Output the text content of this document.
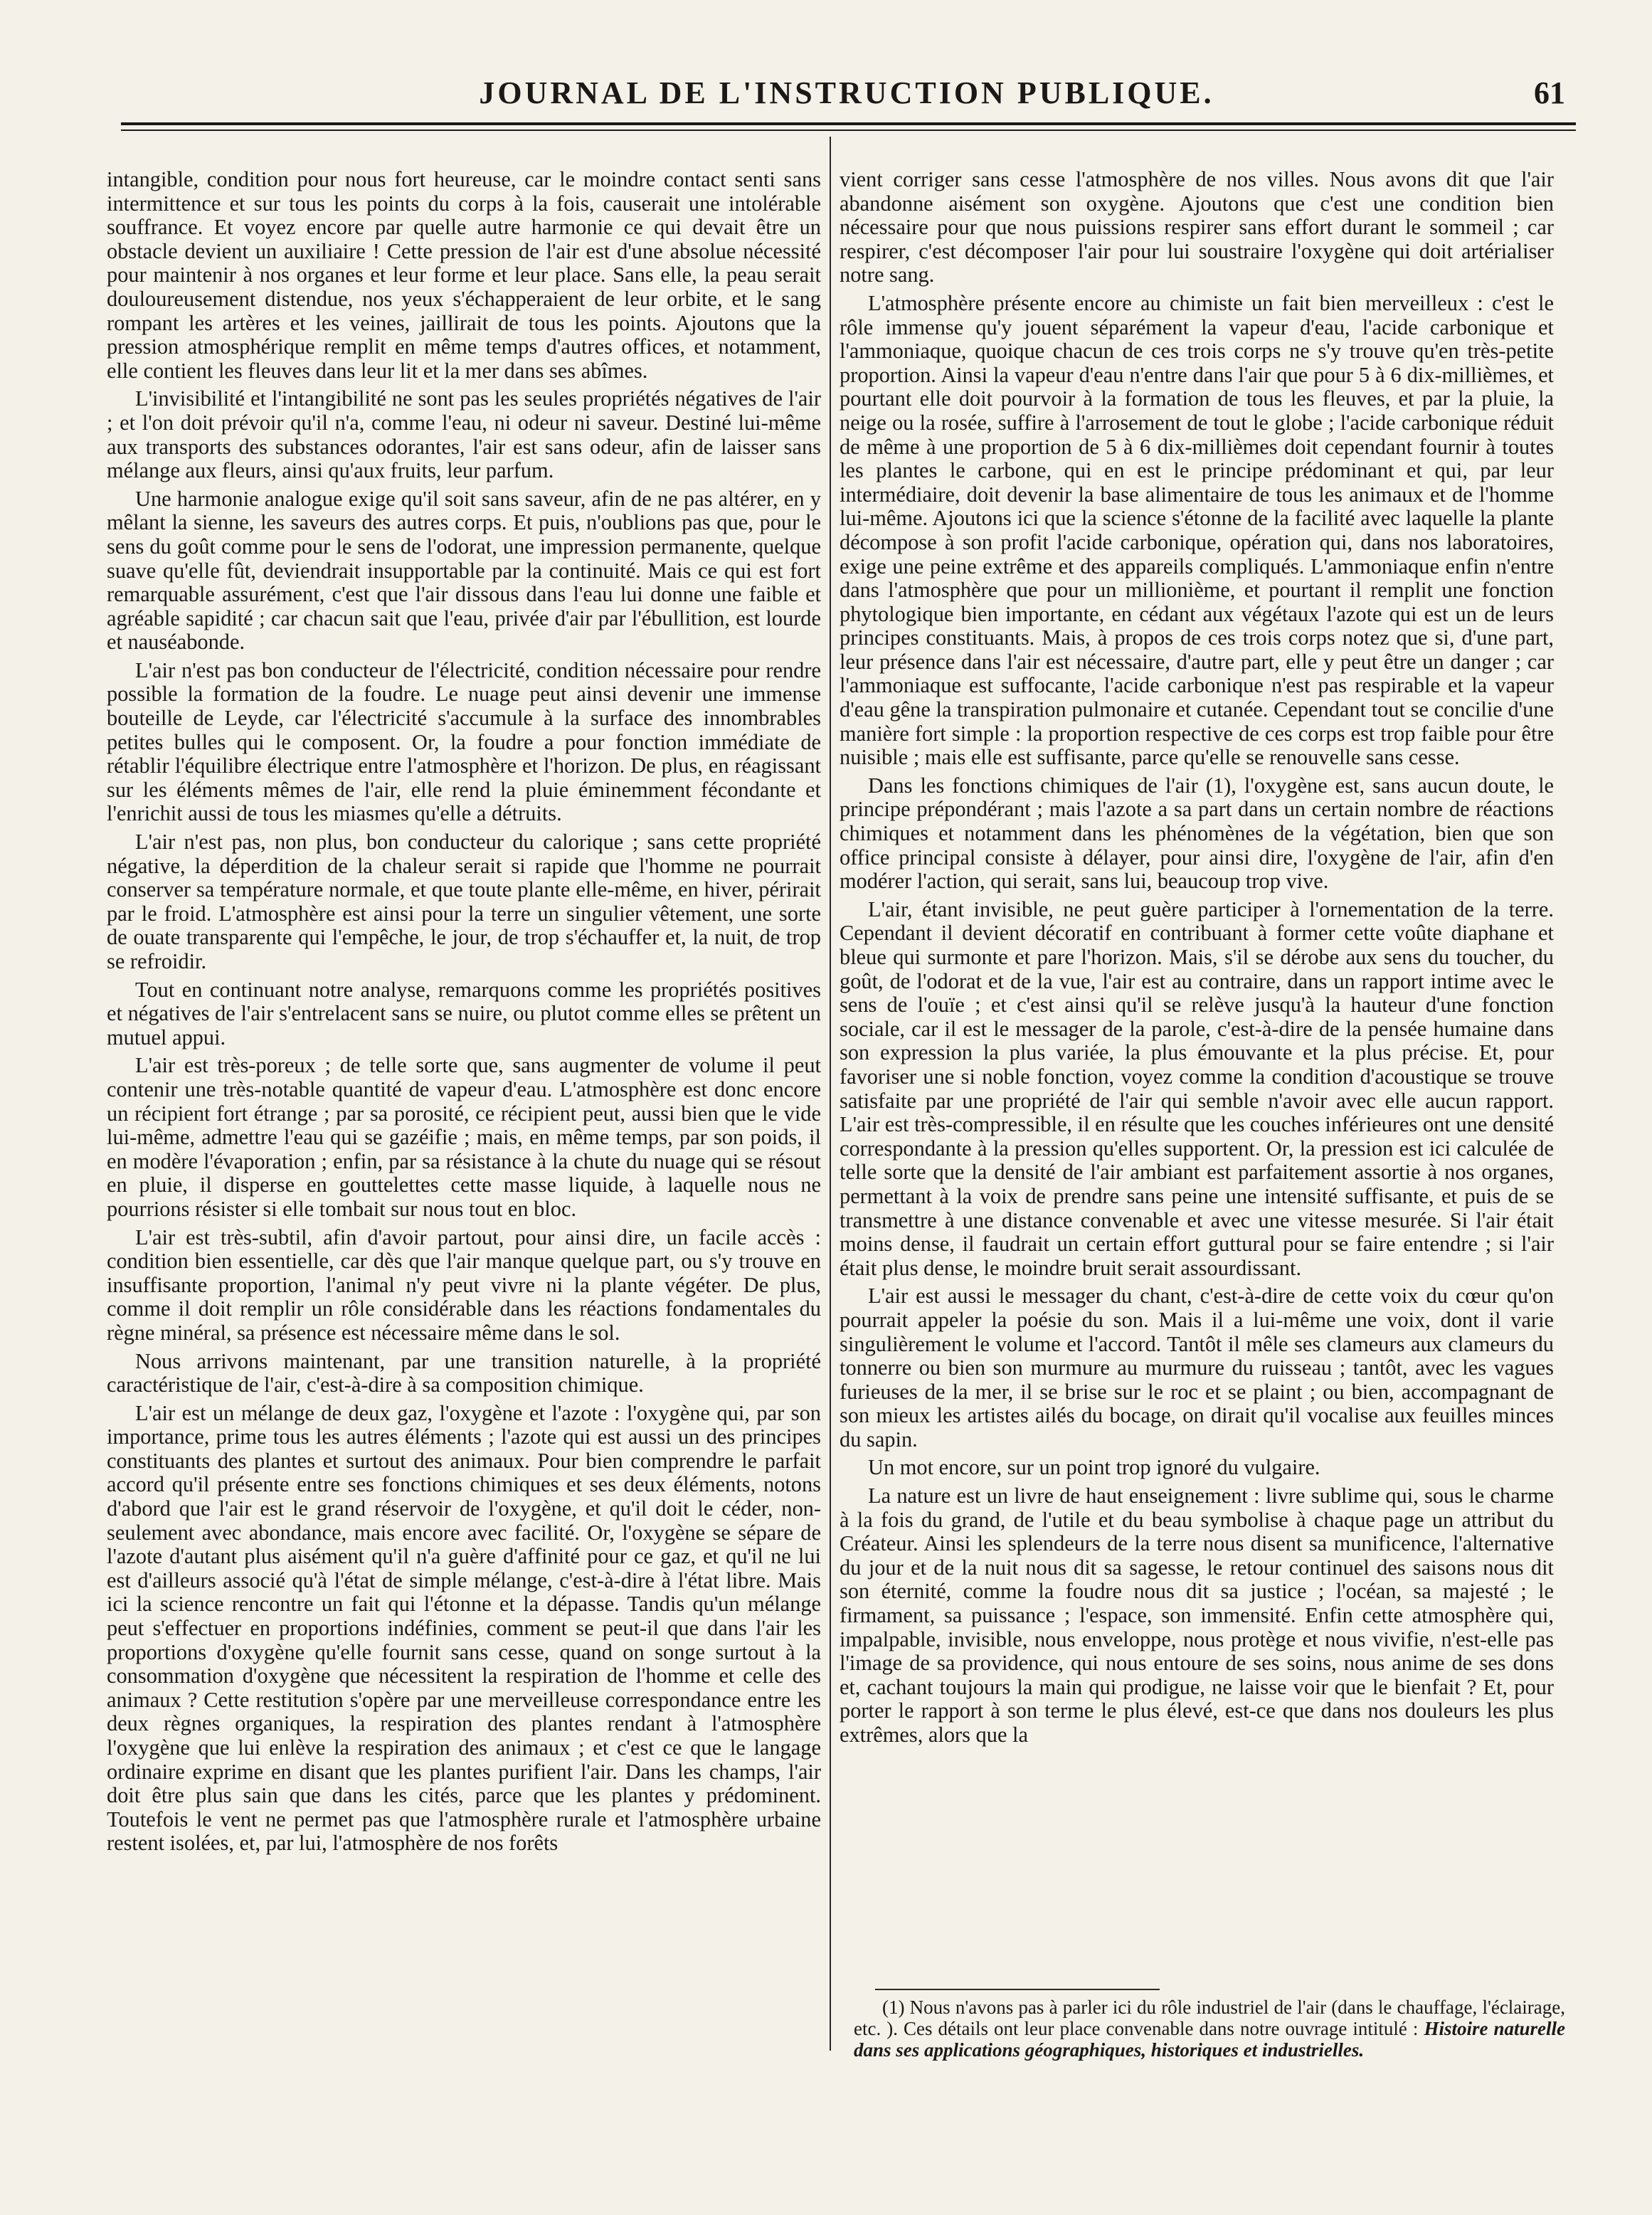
JOURNAL DE L'INSTRUCTION PUBLIQUE.	61

intangible, condition pour nous fort heureuse, car le moindre contact senti sans intermittence et sur tous les points du corps à la fois, causerait une intolérable souffrance. Et voyez encore par quelle autre harmonie ce qui devait être un obstacle devient un auxiliaire ! Cette pression de l'air est d'une absolue nécessité pour maintenir à nos organes et leur forme et leur place. Sans elle, la peau serait douloureusement distendue, nos yeux s'échapperaient de leur orbite, et le sang rompant les artères et les veines, jaillirait de tous les points. Ajoutons que la pression atmosphérique remplit en même temps d'autres offices, et notamment, elle contient les fleuves dans leur lit et la mer dans ses abîmes.

L'invisibilité et l'intangibilité ne sont pas les seules propriétés négatives de l'air ; et l'on doit prévoir qu'il n'a, comme l'eau, ni odeur ni saveur. Destiné lui-même aux transports des substances odorantes, l'air est sans odeur, afin de laisser sans mélange aux fleurs, ainsi qu'aux fruits, leur parfum.

Une harmonie analogue exige qu'il soit sans saveur, afin de ne pas altérer, en y mêlant la sienne, les saveurs des autres corps. Et puis, n'oublions pas que, pour le sens du goût comme pour le sens de l'odorat, une impression permanente, quelque suave qu'elle fût, deviendrait insupportable par la continuité. Mais ce qui est fort remarquable assurément, c'est que l'air dissous dans l'eau lui donne une faible et agréable sapidité ; car chacun sait que l'eau, privée d'air par l'ébullition, est lourde et nauséabonde.

L'air n'est pas bon conducteur de l'électricité, condition nécessaire pour rendre possible la formation de la foudre. Le nuage peut ainsi devenir une immense bouteille de Leyde, car l'électricité s'accumule à la surface des innombrables petites bulles qui le composent. Or, la foudre a pour fonction immédiate de rétablir l'équilibre électrique entre l'atmosphère et l'horizon. De plus, en réagissant sur les éléments mêmes de l'air, elle rend la pluie éminemment fécondante et l'enrichit aussi de tous les miasmes qu'elle a détruits.

L'air n'est pas, non plus, bon conducteur du calorique ; sans cette propriété négative, la déperdition de la chaleur serait si rapide que l'homme ne pourrait conserver sa température normale, et que toute plante elle-même, en hiver, périrait par le froid. L'atmosphère est ainsi pour la terre un singulier vêtement, une sorte de ouate transparente qui l'empêche, le jour, de trop s'échauffer et, la nuit, de trop se refroidir.

Tout en continuant notre analyse, remarquons comme les propriétés positives et négatives de l'air s'entrelacent sans se nuire, ou plutot comme elles se prêtent un mutuel appui.

L'air est très-poreux ; de telle sorte que, sans augmenter de volume il peut contenir une très-notable quantité de vapeur d'eau. L'atmosphère est donc encore un récipient fort étrange ; par sa porosité, ce récipient peut, aussi bien que le vide lui-même, admettre l'eau qui se gazéifie ; mais, en même temps, par son poids, il en modère l'évaporation ; enfin, par sa résistance à la chute du nuage qui se résout en pluie, il disperse en gouttelettes cette masse liquide, à laquelle nous ne pourrions résister si elle tombait sur nous tout en bloc.

L'air est très-subtil, afin d'avoir partout, pour ainsi dire, un facile accès : condition bien essentielle, car dès que l'air manque quelque part, ou s'y trouve en insuffisante proportion, l'animal n'y peut vivre ni la plante végéter. De plus, comme il doit remplir un rôle considérable dans les réactions fondamentales du règne minéral, sa présence est nécessaire même dans le sol.

Nous arrivons maintenant, par une transition naturelle, à la propriété caractéristique de l'air, c'est-à-dire à sa composition chimique.

L'air est un mélange de deux gaz, l'oxygène et l'azote : l'oxygène qui, par son importance, prime tous les autres éléments ; l'azote qui est aussi un des principes constituants des plantes et surtout des animaux. Pour bien comprendre le parfait accord qu'il présente entre ses fonctions chimiques et ses deux éléments, notons d'abord que l'air est le grand réservoir de l'oxygène, et qu'il doit le céder, non-seulement avec abondance, mais encore avec facilité. Or, l'oxygène se sépare de l'azote d'autant plus aisément qu'il n'a guère d'affinité pour ce gaz, et qu'il ne lui est d'ailleurs associé qu'à l'état de simple mélange, c'est-à-dire à l'état libre. Mais ici la science rencontre un fait qui l'étonne et la dépasse. Tandis qu'un mélange peut s'effectuer en proportions indéfinies, comment se peut-il que dans l'air les proportions d'oxygène qu'elle fournit sans cesse, quand on songe surtout à la consommation d'oxygène que nécessitent la respiration de l'homme et celle des animaux ? Cette restitution s'opère par une merveilleuse correspondance entre les deux règnes organiques, la respiration des plantes rendant à l'atmosphère l'oxygène que lui enlève la respiration des animaux ; et c'est ce que le langage ordinaire exprime en disant que les plantes purifient l'air. Dans les champs, l'air doit être plus sain que dans les cités, parce que les plantes y prédominent. Toutefois le vent ne permet pas que l'atmosphère rurale et l'atmosphère urbaine restent isolées, et, par lui, l'atmosphère de nos forêts

vient corriger sans cesse l'atmosphère de nos villes. Nous avons dit que l'air abandonne aisément son oxygène. Ajoutons que c'est une condition bien nécessaire pour que nous puissions respirer sans effort durant le sommeil ; car respirer, c'est décomposer l'air pour lui soustraire l'oxygène qui doit artérialiser notre sang.

L'atmosphère présente encore au chimiste un fait bien merveilleux : c'est le rôle immense qu'y jouent séparément la vapeur d'eau, l'acide carbonique et l'ammoniaque, quoique chacun de ces trois corps ne s'y trouve qu'en très-petite proportion. Ainsi la vapeur d'eau n'entre dans l'air que pour 5 à 6 dix-millièmes, et pourtant elle doit pourvoir à la formation de tous les fleuves, et par la pluie, la neige ou la rosée, suffire à l'arrosement de tout le globe ; l'acide carbonique réduit de même à une proportion de 5 à 6 dix-millièmes doit cependant fournir à toutes les plantes le carbone, qui en est le principe prédominant et qui, par leur intermédiaire, doit devenir la base alimentaire de tous les animaux et de l'homme lui-même. Ajoutons ici que la science s'étonne de la facilité avec laquelle la plante décompose à son profit l'acide carbonique, opération qui, dans nos laboratoires, exige une peine extrême et des appareils compliqués. L'ammoniaque enfin n'entre dans l'atmosphère que pour un millionième, et pourtant il remplit une fonction phytologique bien importante, en cédant aux végétaux l'azote qui est un de leurs principes constituants. Mais, à propos de ces trois corps notez que si, d'une part, leur présence dans l'air est nécessaire, d'autre part, elle y peut être un danger ; car l'ammoniaque est suffocante, l'acide carbonique n'est pas respirable et la vapeur d'eau gêne la transpiration pulmonaire et cutanée. Cependant tout se concilie d'une manière fort simple : la proportion respective de ces corps est trop faible pour être nuisible ; mais elle est suffisante, parce qu'elle se renouvelle sans cesse.

Dans les fonctions chimiques de l'air (1), l'oxygène est, sans aucun doute, le principe prépondérant ; mais l'azote a sa part dans un certain nombre de réactions chimiques et notamment dans les phénomènes de la végétation, bien que son office principal consiste à délayer, pour ainsi dire, l'oxygène de l'air, afin d'en modérer l'action, qui serait, sans lui, beaucoup trop vive.

L'air, étant invisible, ne peut guère participer à l'ornementation de la terre. Cependant il devient décoratif en contribuant à former cette voûte diaphane et bleue qui surmonte et pare l'horizon. Mais, s'il se dérobe aux sens du toucher, du goût, de l'odorat et de la vue, l'air est au contraire, dans un rapport intime avec le sens de l'ouïe ; et c'est ainsi qu'il se relève jusqu'à la hauteur d'une fonction sociale, car il est le messager de la parole, c'est-à-dire de la pensée humaine dans son expression la plus variée, la plus émouvante et la plus précise. Et, pour favoriser une si noble fonction, voyez comme la condition d'acoustique se trouve satisfaite par une propriété de l'air qui semble n'avoir avec elle aucun rapport. L'air est très-compressible, il en résulte que les couches inférieures ont une densité correspondante à la pression qu'elles supportent. Or, la pression est ici calculée de telle sorte que la densité de l'air ambiant est parfaitement assortie à nos organes, permettant à la voix de prendre sans peine une intensité suffisante, et puis de se transmettre à une distance convenable et avec une vitesse mesurée. Si l'air était moins dense, il faudrait un certain effort guttural pour se faire entendre ; si l'air était plus dense, le moindre bruit serait assourdissant.

L'air est aussi le messager du chant, c'est-à-dire de cette voix du cœur qu'on pourrait appeler la poésie du son. Mais il a lui-même une voix, dont il varie singulièrement le volume et l'accord. Tantôt il mêle ses clameurs aux clameurs du tonnerre ou bien son murmure au murmure du ruisseau ; tantôt, avec les vagues furieuses de la mer, il se brise sur le roc et se plaint ; ou bien, accompagnant de son mieux les artistes ailés du bocage, on dirait qu'il vocalise aux feuilles minces du sapin.

Un mot encore, sur un point trop ignoré du vulgaire.

La nature est un livre de haut enseignement : livre sublime qui, sous le charme à la fois du grand, de l'utile et du beau symbolise à chaque page un attribut du Créateur. Ainsi les splendeurs de la terre nous disent sa munificence, l'alternative du jour et de la nuit nous dit sa sagesse, le retour continuel des saisons nous dit son éternité, comme la foudre nous dit sa justice ; l'océan, sa majesté ; le firmament, sa puissance ; l'espace, son immensité. Enfin cette atmosphère qui, impalpable, invisible, nous enveloppe, nous protège et nous vivifie, n'est-elle pas l'image de sa providence, qui nous entoure de ses soins, nous anime de ses dons et, cachant toujours la main qui prodigue, ne laisse voir que le bienfait ? Et, pour porter le rapport à son terme le plus élevé, est-ce que dans nos douleurs les plus extrêmes, alors que la

(1) Nous n'avons pas à parler ici du rôle industriel de l'air (dans le chauffage, l'éclairage, etc. ). Ces détails ont leur place convenable dans notre ouvrage intitulé : Histoire naturelle dans ses applications géographiques, historiques et industrielles.
